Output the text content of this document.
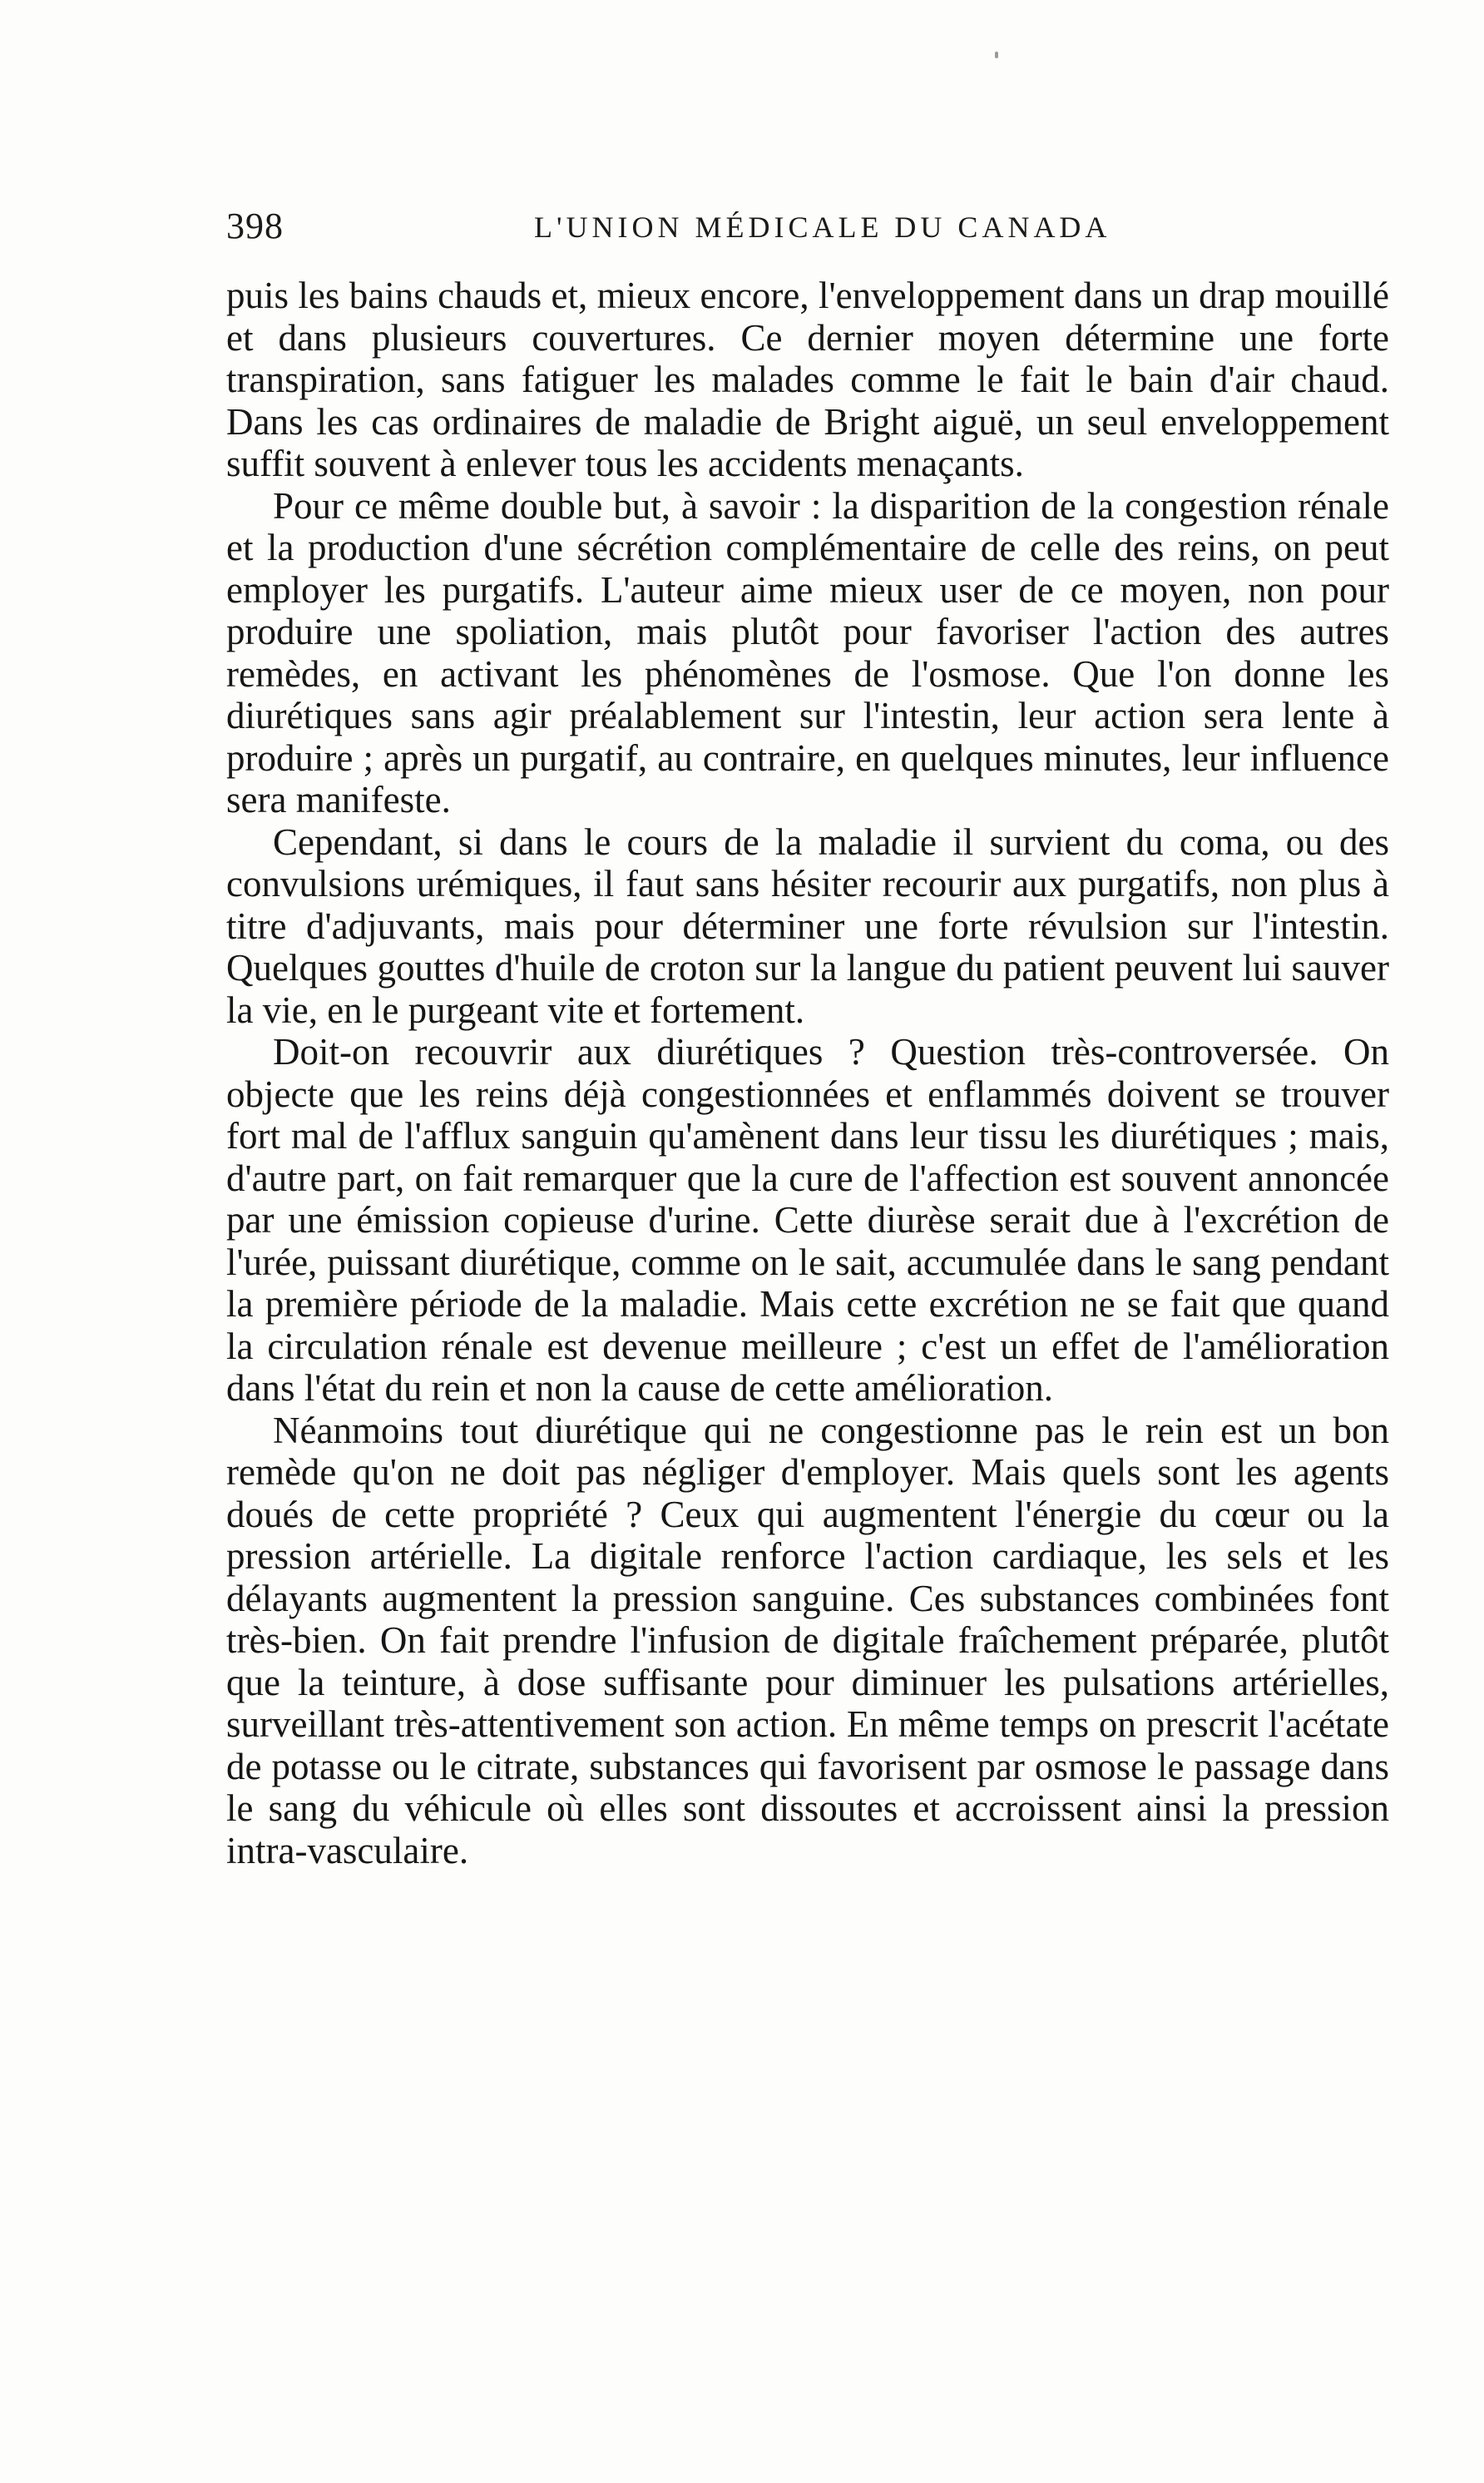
398	L'UNION MÉDICALE DU CANADA

puis les bains chauds et, mieux encore, l'enveloppement dans un drap mouillé et dans plusieurs couvertures. Ce dernier moyen détermine une forte transpiration, sans fatiguer les malades comme le fait le bain d'air chaud. Dans les cas ordinaires de maladie de Bright aiguë, un seul enveloppement suffit souvent à enlever tous les accidents menaçants.

Pour ce même double but, à savoir : la disparition de la congestion rénale et la production d'une sécrétion complémentaire de celle des reins, on peut employer les purgatifs. L'auteur aime mieux user de ce moyen, non pour produire une spoliation, mais plutôt pour favoriser l'action des autres remèdes, en activant les phénomènes de l'osmose. Que l'on donne les diurétiques sans agir préalablement sur l'intestin, leur action sera lente à produire ; après un purgatif, au contraire, en quelques minutes, leur influence sera manifeste.

Cependant, si dans le cours de la maladie il survient du coma, ou des convulsions urémiques, il faut sans hésiter recourir aux purgatifs, non plus à titre d'adjuvants, mais pour déterminer une forte révulsion sur l'intestin. Quelques gouttes d'huile de croton sur la langue du patient peuvent lui sauver la vie, en le purgeant vite et fortement.

Doit-on recouvrir aux diurétiques ? Question très-controversée. On objecte que les reins déjà congestionnées et enflammés doivent se trouver fort mal de l'afflux sanguin qu'amènent dans leur tissu les diurétiques ; mais, d'autre part, on fait remarquer que la cure de l'affection est souvent annoncée par une émission copieuse d'urine. Cette diurèse serait due à l'excrétion de l'urée, puissant diurétique, comme on le sait, accumulée dans le sang pendant la première période de la maladie. Mais cette excrétion ne se fait que quand la circulation rénale est devenue meilleure ; c'est un effet de l'amélioration dans l'état du rein et non la cause de cette amélioration.

Néanmoins tout diurétique qui ne congestionne pas le rein est un bon remède qu'on ne doit pas négliger d'employer. Mais quels sont les agents doués de cette propriété ? Ceux qui augmentent l'énergie du cœur ou la pression artérielle. La digitale renforce l'action cardiaque, les sels et les délayants augmentent la pression sanguine. Ces substances combinées font très-bien. On fait prendre l'infusion de digitale fraîchement préparée, plutôt que la teinture, à dose suffisante pour diminuer les pulsations artérielles, surveillant très-attentivement son action. En même temps on prescrit l'acétate de potasse ou le citrate, substances qui favorisent par osmose le passage dans le sang du véhicule où elles sont dissoutes et accroissent ainsi la pression intra-vasculaire.
